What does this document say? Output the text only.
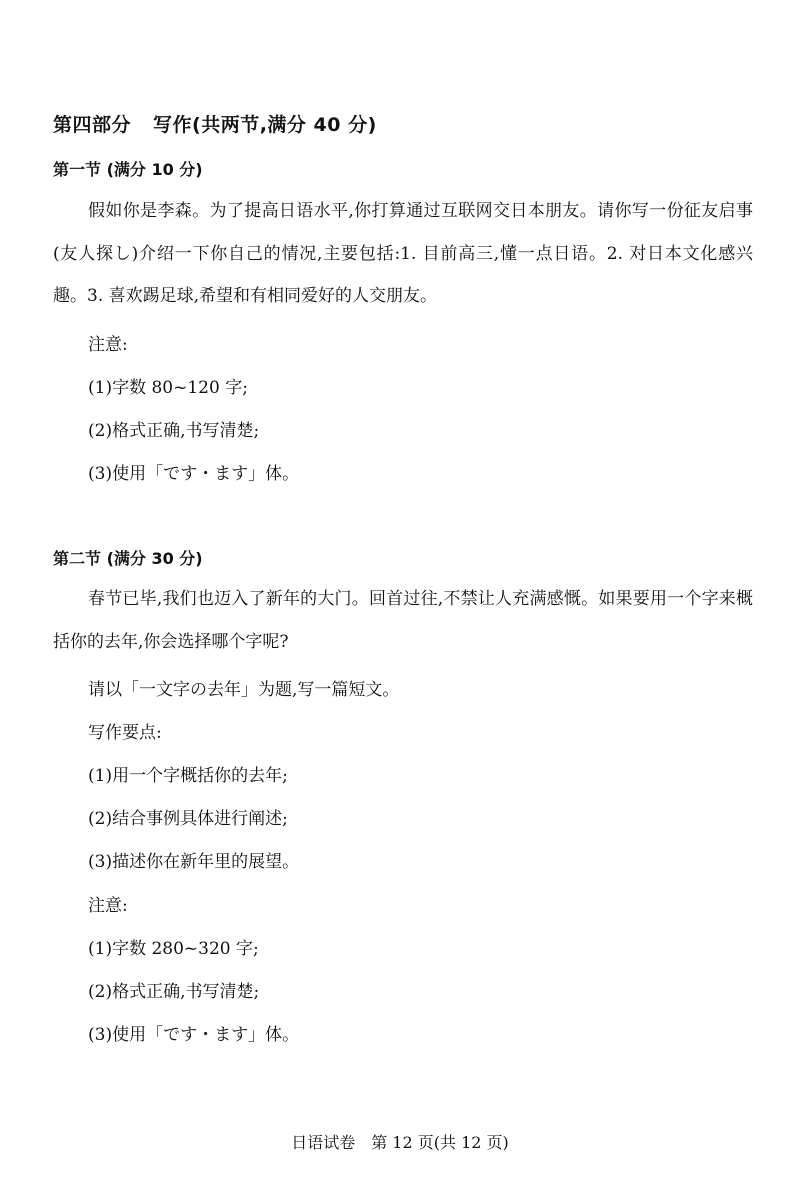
第四部分 写作(共两节,满分 40 分)
第一节 (满分 10 分)
假如你是李森。为了提高日语水平,你打算通过互联网交日本朋友。请你写一份征友启事(友人探し)介绍一下你自己的情况,主要包括:1. 目前高三,懂一点日语。2. 对日本文化感兴趣。3. 喜欢踢足球,希望和有相同爱好的人交朋友。
注意:
(1)字数 80~120 字;
(2)格式正确,书写清楚;
(3)使用「です・ます」体。
第二节 (满分 30 分)
春节已毕,我们也迈入了新年的大门。回首过往,不禁让人充满感慨。如果要用一个字来概括你的去年,你会选择哪个字呢?
请以「一文字の去年」为题,写一篇短文。
写作要点:
(1)用一个字概括你的去年;
(2)结合事例具体进行阐述;
(3)描述你在新年里的展望。
注意:
(1)字数 280~320 字;
(2)格式正确,书写清楚;
(3)使用「です・ます」体。
日语试卷　第 12 页(共 12 页)
